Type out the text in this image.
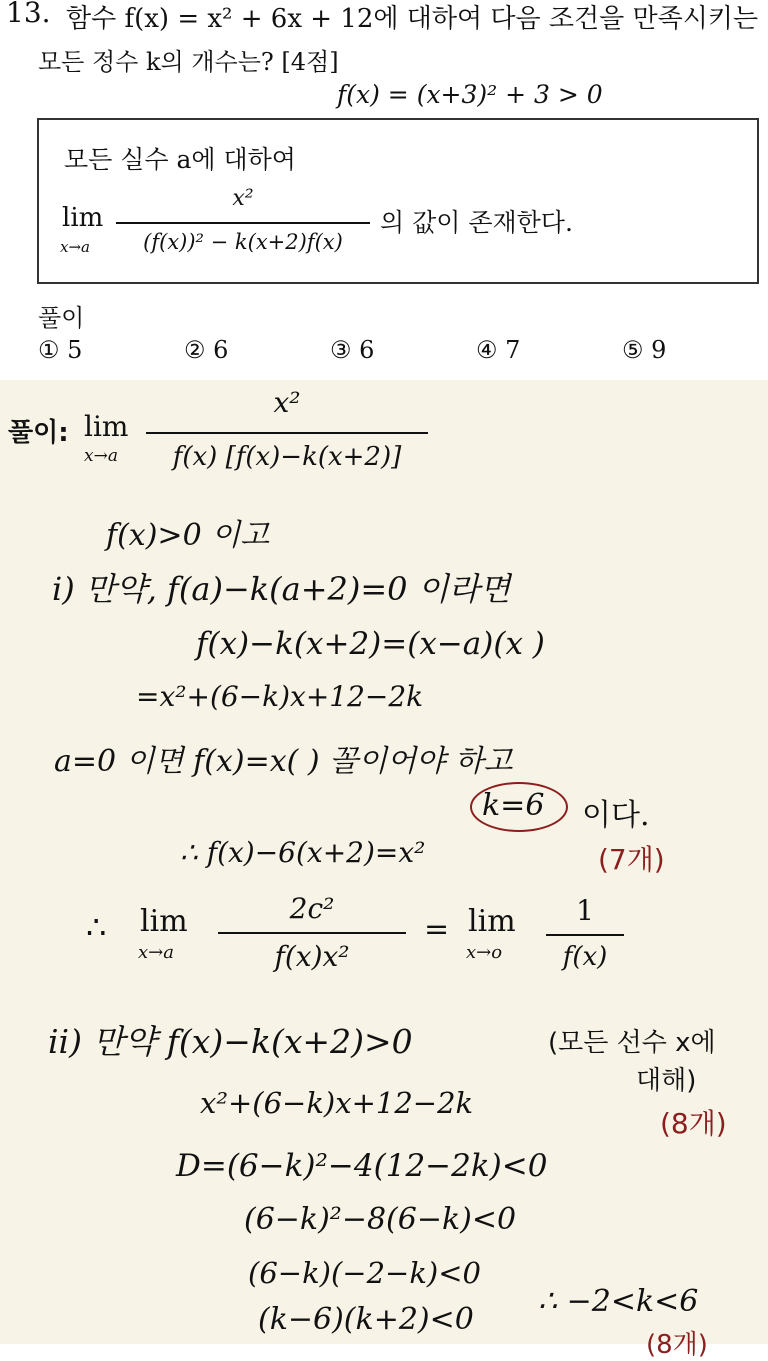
13. 함수 f(x) = x² + 6x + 12에 대하여 다음 조건을 만족시키는
모든 정수 k의 개수는? [4점]
f(x) = (x+3)² + 3 > 0
모든 실수 a에 대하여
lim
x→a
x²
(f(x))² − k(x+2)f(x)
의 값이 존재한다.
풀이
① 5	② 6	③ 6	④ 7	⑤ 9
풀이: lim
x→a
x²
f(x) [f(x)−k(x+2)]
f(x)>0 이고
i) 만약, f(a)−k(a+2)=0 이라면
f(x)−k(x+2)=(x−a)(x )
=x²+(6−k)x+12−2k
a=0 이면 f(x)=x( ) 꼴이어야 하고
k=6 이다.
∴ f(x)−6(x+2)=x²	(7개)
∴ lim
x→a
2c²
f(x)x²
= lim
x→o
1
f(x)
ii) 만약 f(x)−k(x+2)>0	(모든 선수 x에
대해)
(8개)
x²+(6−k)x+12−2k
D=(6−k)²−4(12−2k)<0
(6−k)²−8(6−k)<0
(6−k)(−2−k)<0
(k−6)(k+2)<0
∴ −2<k<6
(8개)
